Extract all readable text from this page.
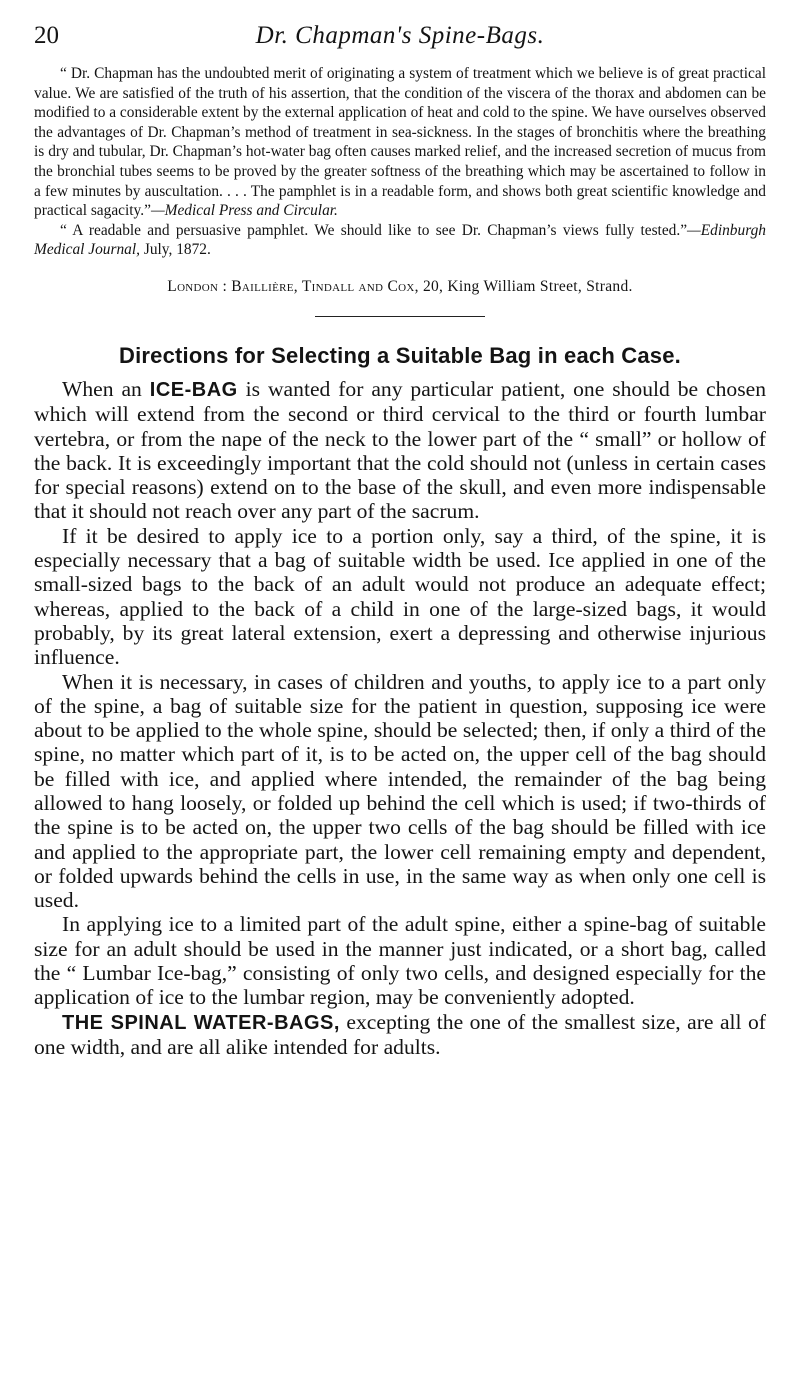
20	Dr. Chapman's Spine-Bags.

“ Dr. Chapman has the undoubted merit of originating a system of treatment which we believe is of great practical value. We are satisfied of the truth of his assertion, that the condition of the viscera of the thorax and abdomen can be modified to a considerable extent by the external application of heat and cold to the spine. We have ourselves observed the advantages of Dr. Chapman’s method of treatment in sea-sickness. In the stages of bronchitis where the breathing is dry and tubular, Dr. Chapman’s hot-water bag often causes marked relief, and the increased secretion of mucus from the bronchial tubes seems to be proved by the greater softness of the breathing which may be ascertained to follow in a few minutes by auscultation. . . . The pamphlet is in a readable form, and shows both great scientific knowledge and practical sagacity.”—Medical Press and Circular.

“ A readable and persuasive pamphlet. We should like to see Dr. Chapman’s views fully tested.”—Edinburgh Medical Journal, July, 1872.

London : Baillière, Tindall and Cox, 20, King William Street, Strand.
Directions for Selecting a Suitable Bag in each Case.

When an ICE-BAG is wanted for any particular patient, one should be chosen which will extend from the second or third cervical to the third or fourth lumbar vertebra, or from the nape of the neck to the lower part of the “ small” or hollow of the back. It is exceedingly important that the cold should not (unless in certain cases for special reasons) extend on to the base of the skull, and even more indispensable that it should not reach over any part of the sacrum.

If it be desired to apply ice to a portion only, say a third, of the spine, it is especially necessary that a bag of suitable width be used. Ice applied in one of the small-sized bags to the back of an adult would not produce an adequate effect; whereas, applied to the back of a child in one of the large-sized bags, it would probably, by its great lateral extension, exert a depressing and otherwise injurious influence.

When it is necessary, in cases of children and youths, to apply ice to a part only of the spine, a bag of suitable size for the patient in question, supposing ice were about to be applied to the whole spine, should be selected; then, if only a third of the spine, no matter which part of it, is to be acted on, the upper cell of the bag should be filled with ice, and applied where intended, the remainder of the bag being allowed to hang loosely, or folded up behind the cell which is used; if two-thirds of the spine is to be acted on, the upper two cells of the bag should be filled with ice and applied to the appropriate part, the lower cell remaining empty and dependent, or folded upwards behind the cells in use, in the same way as when only one cell is used.

In applying ice to a limited part of the adult spine, either a spine-bag of suitable size for an adult should be used in the manner just indicated, or a short bag, called the “ Lumbar Ice-bag,” consisting of only two cells, and designed especially for the application of ice to the lumbar region, may be conveniently adopted.

THE SPINAL WATER-BAGS, excepting the one of the smallest size, are all of one width, and are all alike intended for adults.
